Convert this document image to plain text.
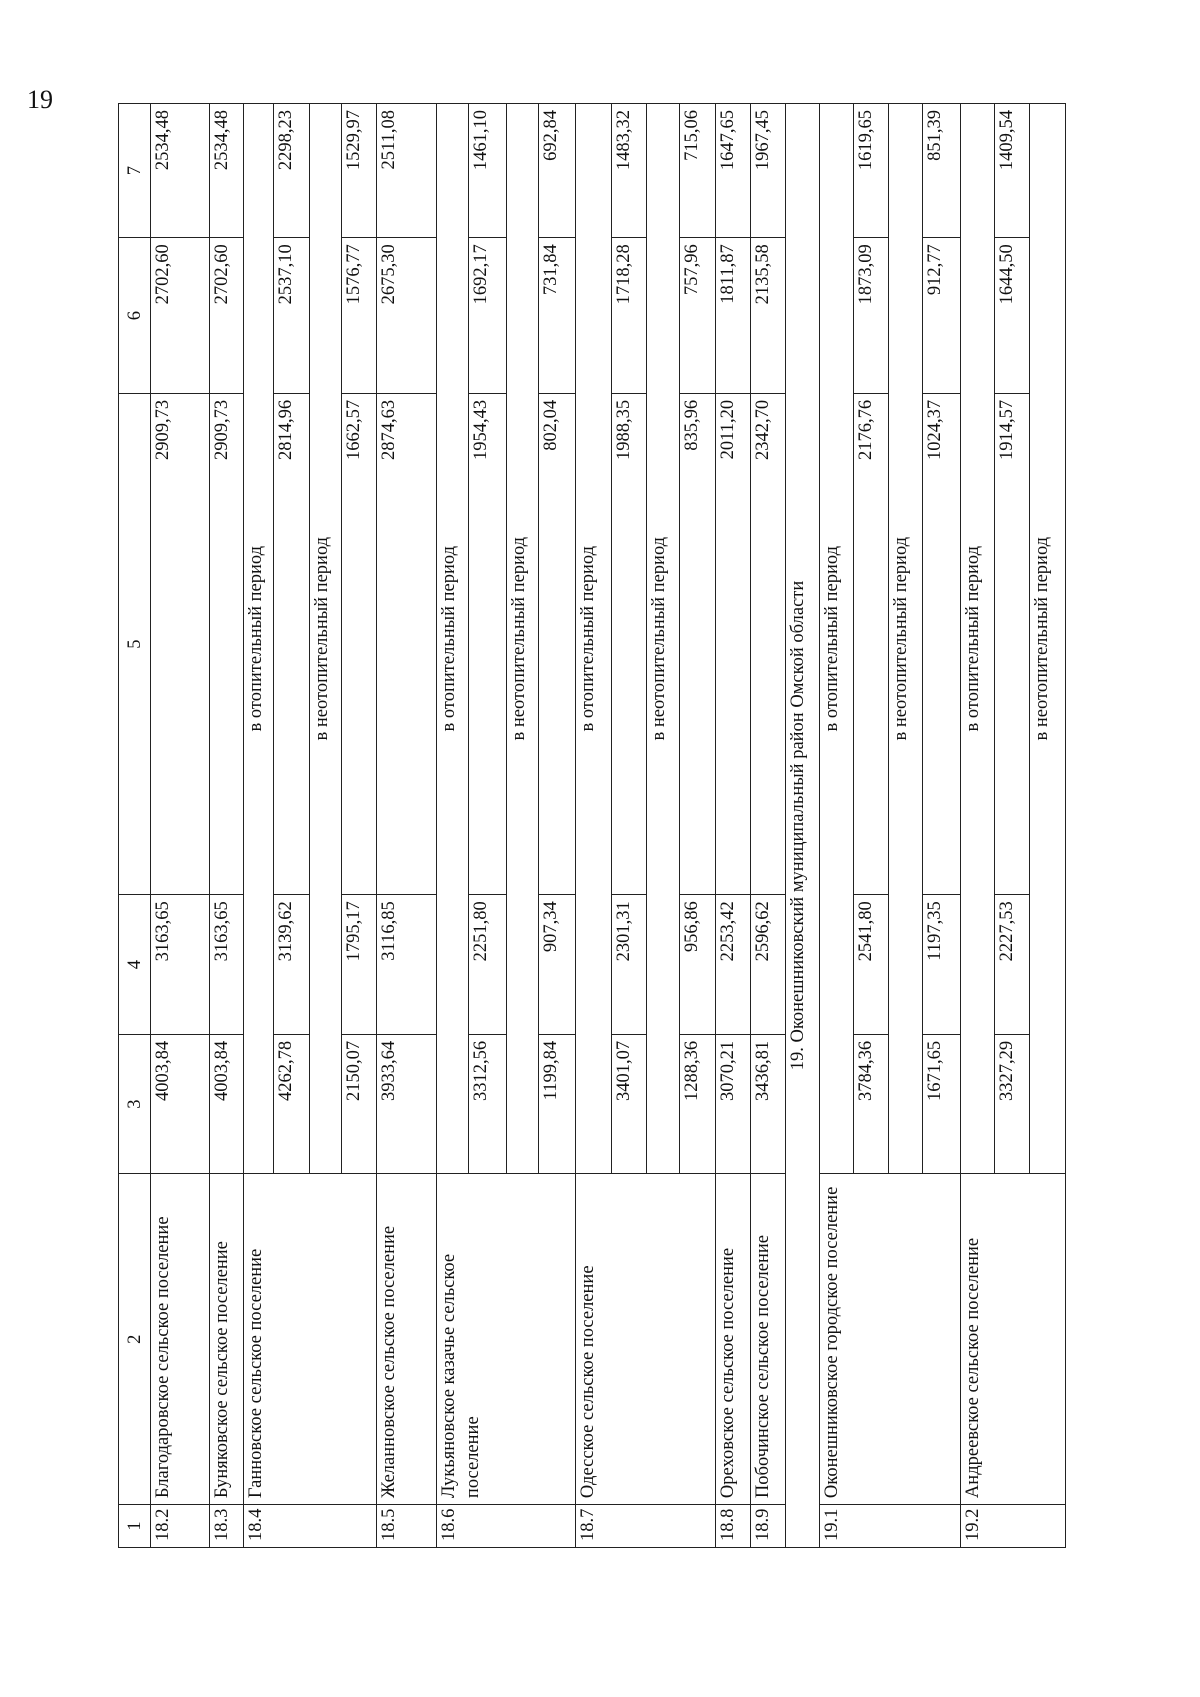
19
1	2	3	4	5	6	7
18.2	Благодаровское сельское поселение	4003,84	3163,65	2909,73	2702,60	2534,48
18.3	Буняковское сельское поселение	4003,84	3163,65	2909,73	2702,60	2534,48
18.4	Ганновское сельское поселение	в отопительный период				
		4262,78	3139,62	2814,96	2537,10	2298,23
		в неотопительный период				
		2150,07	1795,17	1662,57	1576,77	1529,97
18.5	Желанновское сельское поселение	3933,64	3116,85	2874,63	2675,30	2511,08
18.6	Лукьяновское казачье сельское поселение	в отопительный период				
		3312,56	2251,80	1954,43	1692,17	1461,10
		в неотопительный период				
		1199,84	907,34	802,04	731,84	692,84
18.7	Одесское сельское поселение	в отопительный период				
		3401,07	2301,31	1988,35	1718,28	1483,32
		в неотопительный период				
		1288,36	956,86	835,96	757,96	715,06
18.8	Ореховское сельское поселение	3070,21	2253,42	2011,20	1811,87	1647,65
18.9	Побочинское сельское поселение	3436,81	2596,62	2342,70	2135,58	1967,45
19. Оконешниковский муниципальный район Омской области						
19.1	Оконешниковское городское поселение	в отопительный период				
		3784,36	2541,80	2176,76	1873,09	1619,65
		в неотопительный период				
		1671,65	1197,35	1024,37	912,77	851,39
19.2	Андреевское сельское поселение	в отопительный период				
		3327,29	2227,53	1914,57	1644,50	1409,54
		в неотопительный период				
